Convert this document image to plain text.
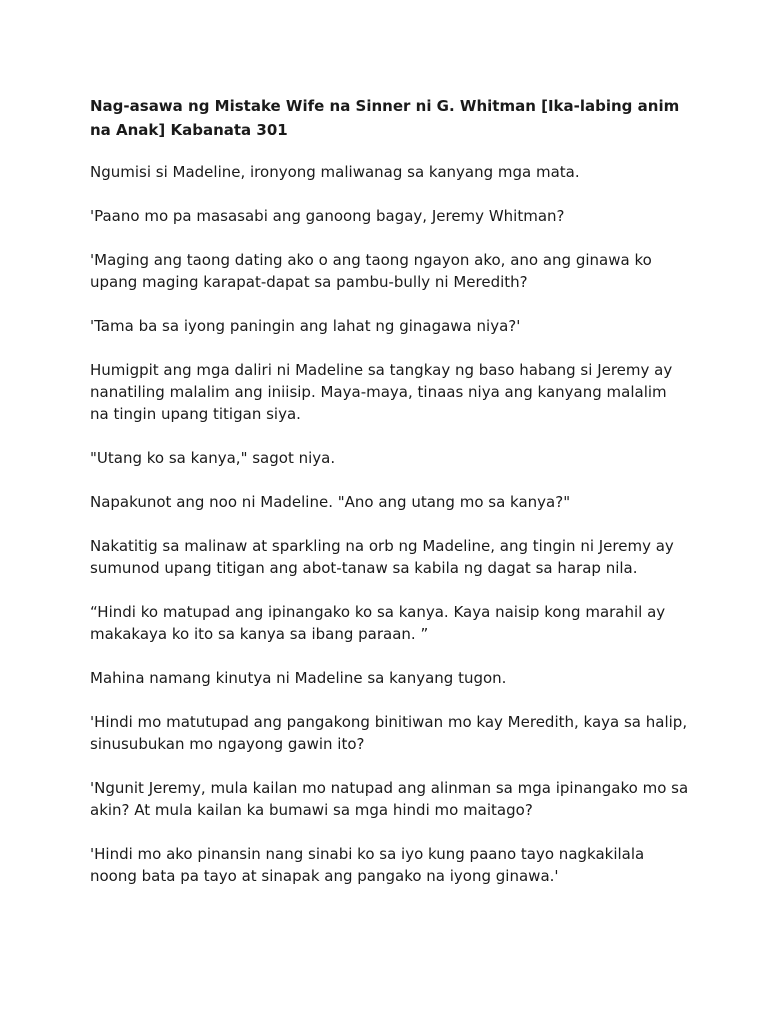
Nag-asawa ng Mistake Wife na Sinner ni G. Whitman [Ika-labing anim na Anak] Kabanata 301
Ngumisi si Madeline, ironyong maliwanag sa kanyang mga mata.
'Paano mo pa masasabi ang ganoong bagay, Jeremy Whitman?
'Maging ang taong dating ako o ang taong ngayon ako, ano ang ginawa ko upang maging karapat-dapat sa pambu-bully ni Meredith?
'Tama ba sa iyong paningin ang lahat ng ginagawa niya?'
Humigpit ang mga daliri ni Madeline sa tangkay ng baso habang si Jeremy ay nanatiling malalim ang iniisip. Maya-maya, tinaas niya ang kanyang malalim na tingin upang titigan siya.
"Utang ko sa kanya," sagot niya.
Napakunot ang noo ni Madeline. "Ano ang utang mo sa kanya?"
Nakatitig sa malinaw at sparkling na orb ng Madeline, ang tingin ni Jeremy ay sumunod upang titigan ang abot-tanaw sa kabila ng dagat sa harap nila.
“Hindi ko matupad ang ipinangako ko sa kanya. Kaya naisip kong marahil ay makakaya ko ito sa kanya sa ibang paraan. ”
Mahina namang kinutya ni Madeline sa kanyang tugon.
'Hindi mo matutupad ang pangakong binitiwan mo kay Meredith, kaya sa halip, sinusubukan mo ngayong gawin ito?
'Ngunit Jeremy, mula kailan mo natupad ang alinman sa mga ipinangako mo sa akin? At mula kailan ka bumawi sa mga hindi mo maitago?
'Hindi mo ako pinansin nang sinabi ko sa iyo kung paano tayo nagkakilala noong bata pa tayo at sinapak ang pangako na iyong ginawa.'
